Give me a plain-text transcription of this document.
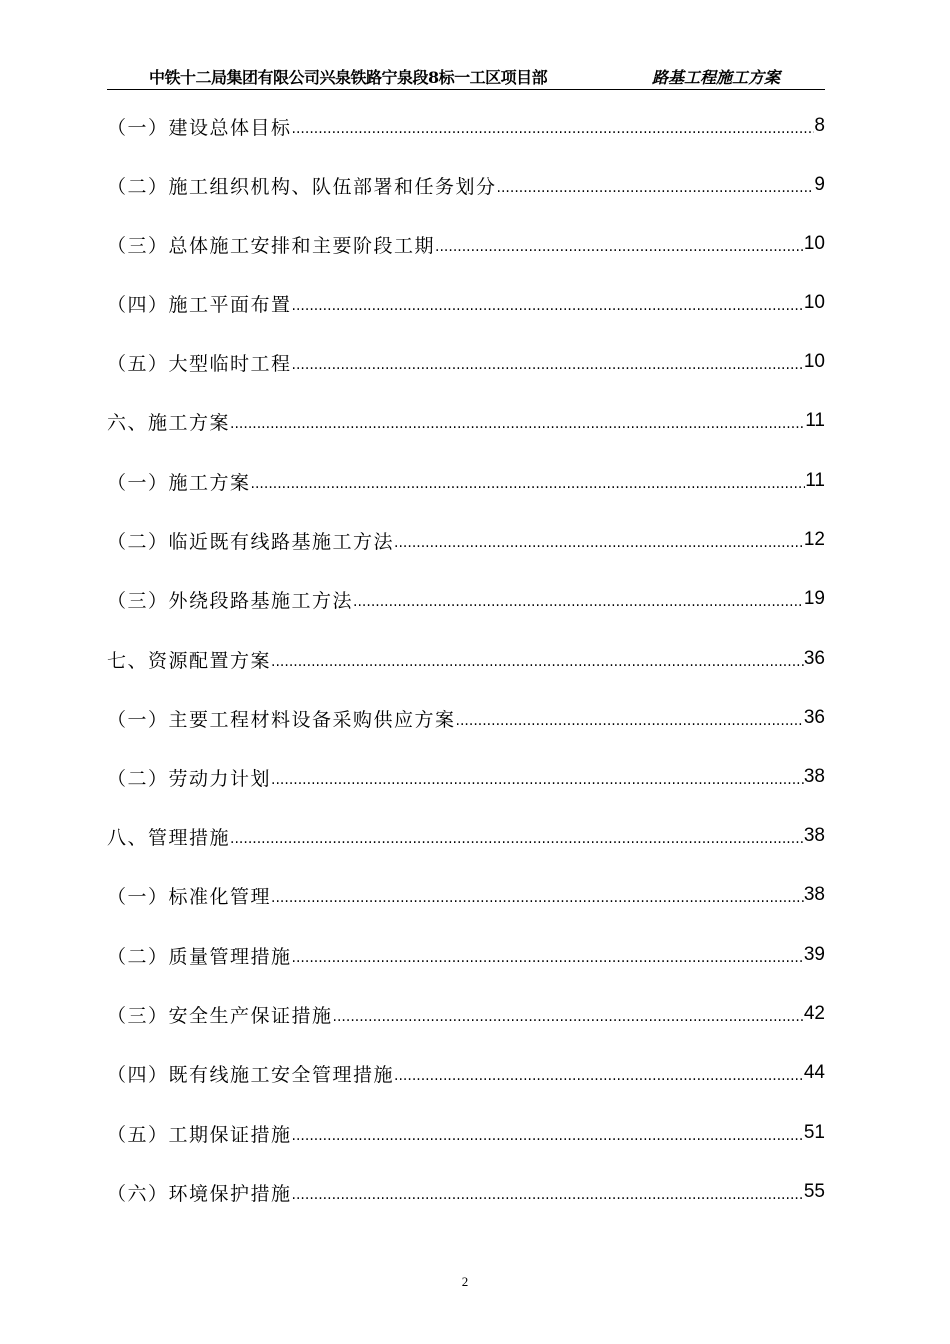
中铁十二局集团有限公司兴泉铁路宁泉段8标一工区项目部	路基工程施工方案
（一）建设总体目标 .....	8
（二）施工组织机构、队伍部署和任务划分 .....	9
（三）总体施工安排和主要阶段工期 .....	10
（四）施工平面布置 .....	10
（五）大型临时工程 .....	10
六、施工方案 .....	11
（一）施工方案 .....	11
（二）临近既有线路基施工方法 .....	12
（三）外绕段路基施工方法 .....	19
七、资源配置方案 .....	36
（一）主要工程材料设备采购供应方案 .....	36
（二）劳动力计划 .....	38
八、管理措施 .....	38
（一）标准化管理 .....	38
（二）质量管理措施 .....	39
（三）安全生产保证措施 .....	42
（四）既有线施工安全管理措施 .....	44
（五）工期保证措施 .....	51
（六）环境保护措施 .....	55
2
